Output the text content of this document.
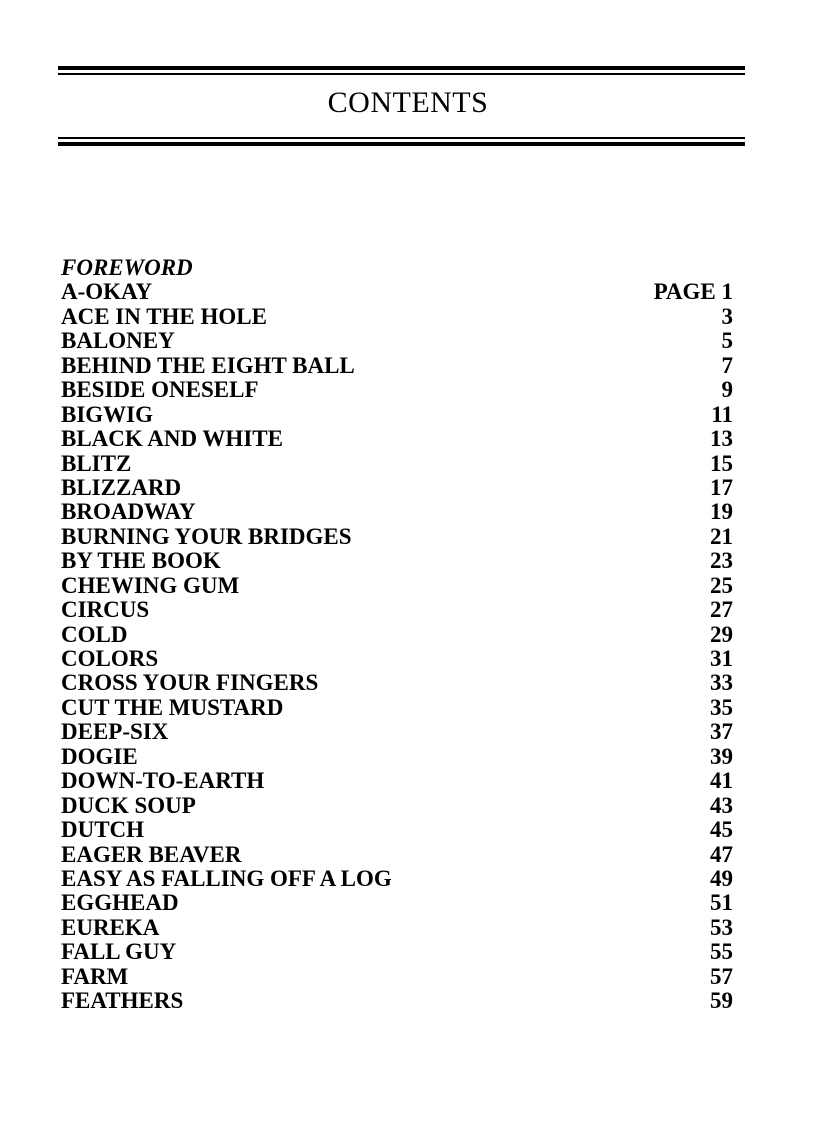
CONTENTS
FOREWORD
A-OKAY	PAGE 1
ACE IN THE HOLE	3
BALONEY	5
BEHIND THE EIGHT BALL	7
BESIDE ONESELF	9
BIGWIG	11
BLACK AND WHITE	13
BLITZ	15
BLIZZARD	17
BROADWAY	19
BURNING YOUR BRIDGES	21
BY THE BOOK	23
CHEWING GUM	25
CIRCUS	27
COLD	29
COLORS	31
CROSS YOUR FINGERS	33
CUT THE MUSTARD	35
DEEP-SIX	37
DOGIE	39
DOWN-TO-EARTH	41
DUCK SOUP	43
DUTCH	45
EAGER BEAVER	47
EASY AS FALLING OFF A LOG	49
EGGHEAD	51
EUREKA	53
FALL GUY	55
FARM	57
FEATHERS	59
